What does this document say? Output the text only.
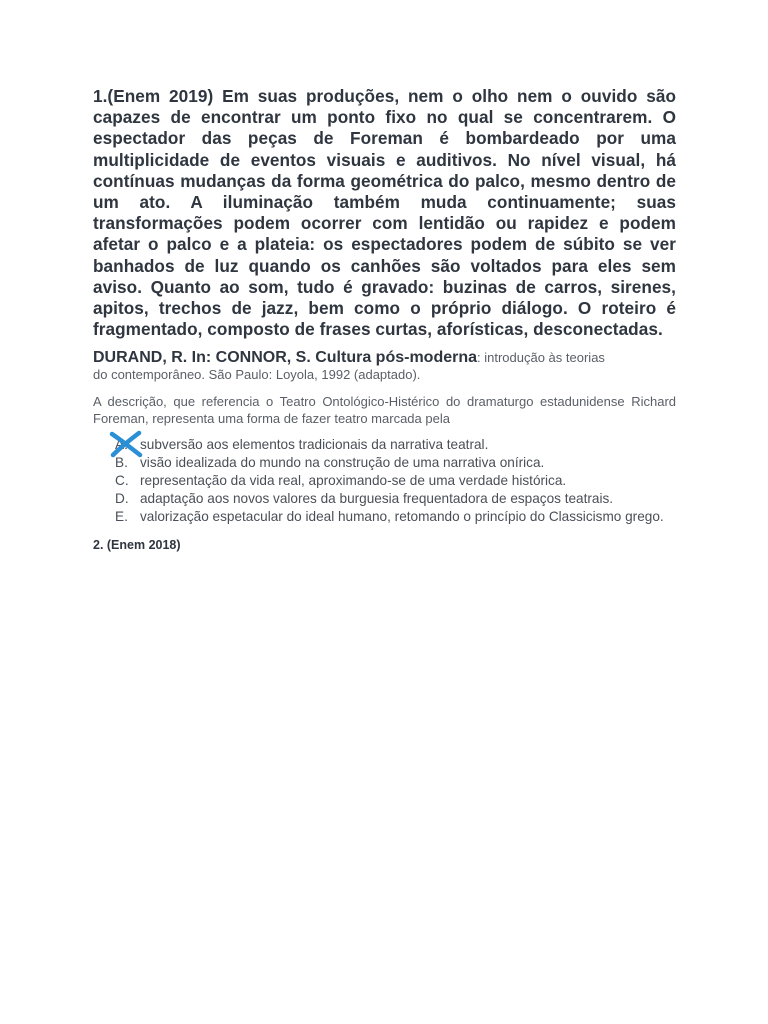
1.(Enem 2019) Em suas produções, nem o olho nem o ouvido são capazes de encontrar um ponto fixo no qual se concentrarem. O espectador das peças de Foreman é bombardeado por uma multiplicidade de eventos visuais e auditivos. No nível visual, há contínuas mudanças da forma geométrica do palco, mesmo dentro de um ato. A iluminação também muda continuamente; suas transformações podem ocorrer com lentidão ou rapidez e podem afetar o palco e a plateia: os espectadores podem de súbito se ver banhados de luz quando os canhões são voltados para eles sem aviso. Quanto ao som, tudo é gravado: buzinas de carros, sirenes, apitos, trechos de jazz, bem como o próprio diálogo. O roteiro é fragmentado, composto de frases curtas, aforísticas, desconectadas.

DURAND, R. In: CONNOR, S. Cultura pós-moderna: introdução às teorias
do contemporâneo. São Paulo: Loyola, 1992 (adaptado).
A descrição, que referencia o Teatro Ontológico-Histérico do dramaturgo estadunidense Richard Foreman, representa uma forma de fazer teatro marcada pela
A. subversão aos elementos tradicionais da narrativa teatral.
B. visão idealizada do mundo na construção de uma narrativa onírica.
C. representação da vida real, aproximando-se de uma verdade histórica.
D. adaptação aos novos valores da burguesia frequentadora de espaços teatrais.
E. valorização espetacular do ideal humano, retomando o princípio do Classicismo grego.
2. (Enem 2018)
